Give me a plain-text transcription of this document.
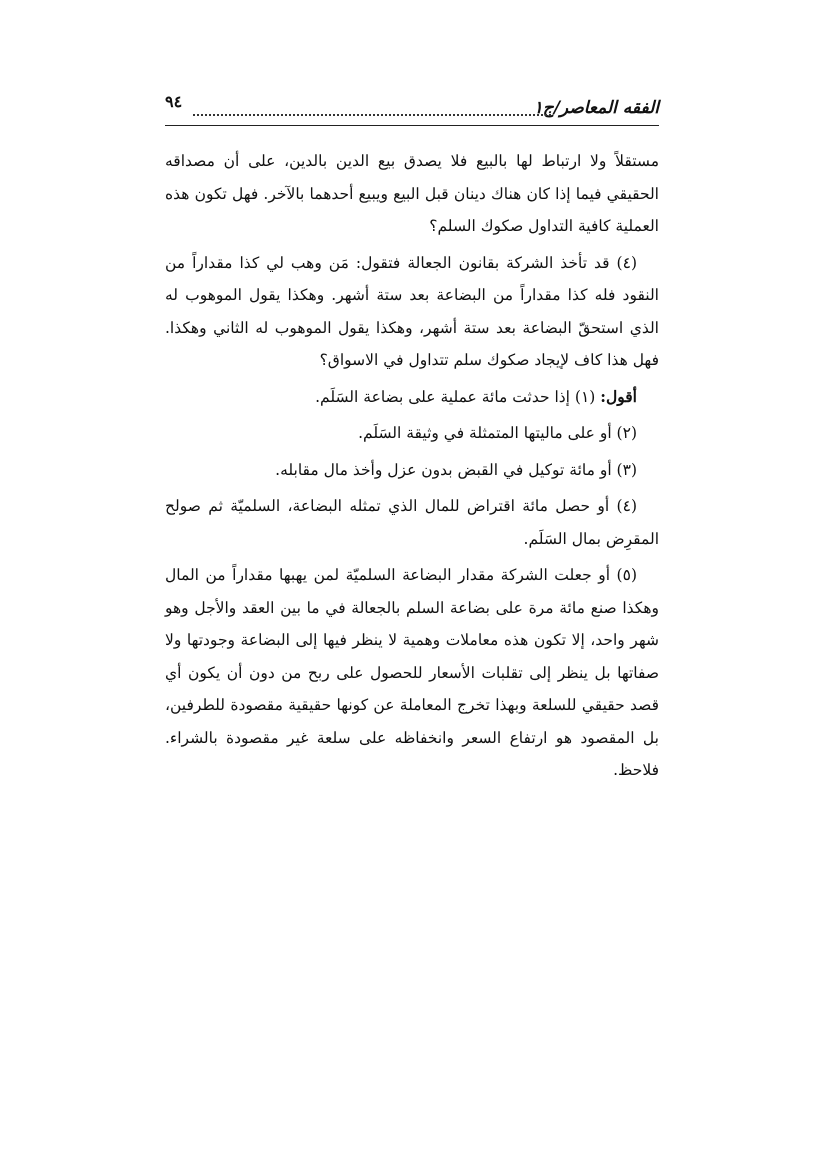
الفقه المعاصر/ج١
٩٤

مستقلاً ولا ارتباط لها بالبيع فلا يصدق بيع الدين بالدين، على أن مصداقه الحقيقي فيما إذا كان هناك دينان قبل البيع ويبيع أحدهما بالآخر. فهل تكون هذه العملية كافية التداول صكوك السلم؟

(٤) قد تأخذ الشركة بقانون الجعالة فتقول: مَن وهب لي كذا مقداراً من النقود فله كذا مقداراً من البضاعة بعد ستة أشهر. وهكذا يقول الموهوب له الذي استحقّ البضاعة بعد ستة أشهر، وهكذا يقول الموهوب له الثاني وهكذا. فهل هذا كاف لإيجاد صكوك سلم تتداول في الاسواق؟

أقول: (١) إذا حدثت مائة عملية على بضاعة السَلَم.

(٢) أو على ماليتها المتمثلة في وثيقة السَلَم.

(٣) أو مائة توكيل في القبض بدون عزل وأخذ مال مقابله.

(٤) أو حصل مائة اقتراض للمال الذي تمثله البضاعة، السلميّة ثم صولح المقرِض بمال السَلَم.

(٥) أو جعلت الشركة مقدار البضاعة السلميّة لمن يهبها مقداراً من المال وهكذا صنع مائة مرة على بضاعة السلم بالجعالة في ما بين العقد والأجل وهو شهر واحد، إلا تكون هذه معاملات وهمية لا ينظر فيها إلى البضاعة وجودتها ولا صفاتها بل ينظر إلى تقلبات الأسعار للحصول على ربح من دون أن يكون أي قصد حقيقي للسلعة وبهذا تخرج المعاملة عن كونها حقيقية مقصودة للطرفين، بل المقصود هو ارتفاع السعر وانخفاظه على سلعة غير مقصودة بالشراء. فلاحظ.
